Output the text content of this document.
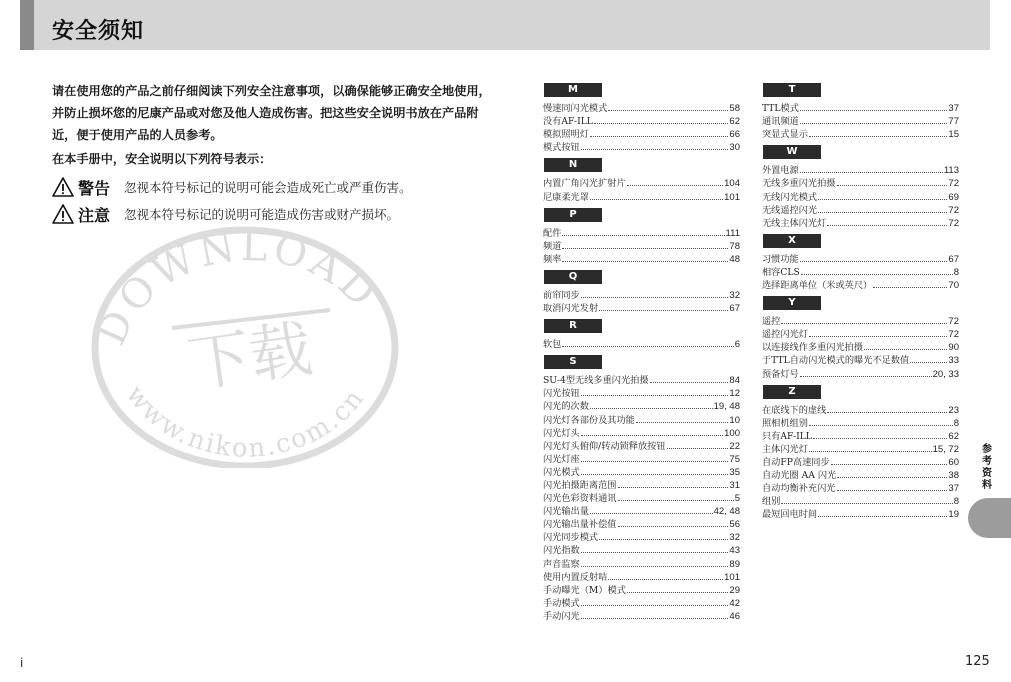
安全须知
请在使用您的产品之前仔细阅读下列安全注意事项，以确保能够正确安全地使用，并防止损坏您的尼康产品或对您及他人造成伤害。把这些安全说明书放在产品附近，便于使用产品的人员参考。
在本手册中，安全说明以下列符号表示：
警告	忽视本符号标记的说明可能会造成死亡或严重伤害。
注意	忽视本符号标记的说明可能造成伤害或财产损坏。
DOWNLOAD
下载
www.nikon.com.cn
M
慢速同闪光模式	58
没有AF-ILL	62
模拟照明灯	66
模式按钮	30
N
内置广角闪光扩射片	104
尼康柔光罩	101
P
配件	111
频道	78
频率	48
Q
前帘同步	32
取消闪光发射	67
R
软包	6
S
SU-4型无线多重闪光拍摄	84
闪光按钮	12
闪光的次数	19, 48
闪光灯各部份及其功能	10
闪光灯头	100
闪光灯头俯仰/转动锁释放按钮	22
闪光灯座	75
闪光模式	35
闪光拍摄距离范围	31
闪光色彩资料通讯	5
闪光输出量	42, 48
闪光输出量补偿值	56
闪光同步模式	32
闪光指数	43
声音监察	89
使用内置反射咭	101
手动曝光（M）模式	29
手动模式	42
手动闪光	46
T
TTL模式	37
通讯频道	77
突显式显示	15
W
外置电源	113
无线多重闪光拍摄	72
无线闪光模式	69
无线遥控闪光	72
无线主体闪光灯	72
X
习惯功能	67
相容CLS	8
选择距离单位（米或英尺）	70
Y
遥控	72
遥控闪光灯	72
以连接线作多重闪光拍摄	90
于TTL自动闪光模式的曝光不足数值	33
预备灯号	20, 33
Z
在底线下的虚线	23
照相机组别	8
只有AF-ILL	62
主体闪光灯	15, 72
自动FP高速同步	60
自动光圈 AA 闪光	38
自动均衡补充闪光	37
组别	8
最短回电时间	19
参考资料
i	125
